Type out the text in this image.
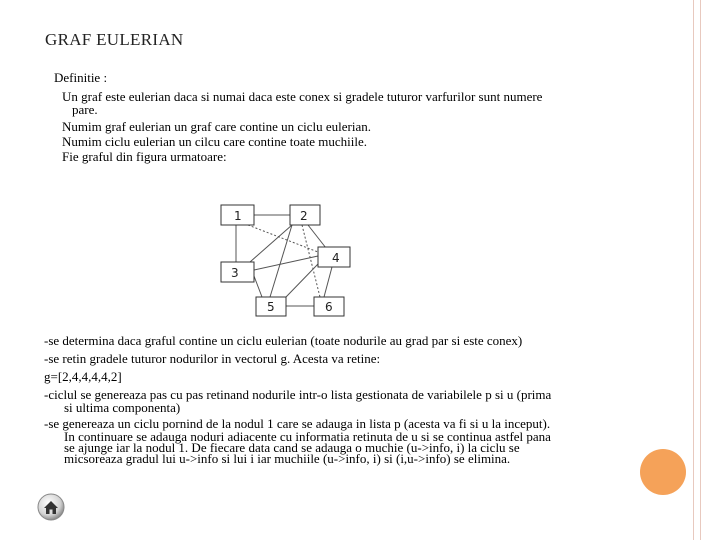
GRAF EULERIAN
Definitie :
Un graf este eulerian daca si numai daca este conex si gradele tuturor varfurilor sunt numere
pare.
Numim graf eulerian un graf care contine un ciclu eulerian.
Numim ciclu eulerian un cilcu care contine toate muchiile.
Fie graful din figura urmatoare:
1	2
3
4
5	6
-se determina daca graful contine un ciclu eulerian (toate nodurile au grad par si este conex)
-se retin gradele tuturor nodurilor in vectorul g. Acesta va retine:
g=[2,4,4,4,4,2]
-ciclul se genereaza pas cu pas retinand nodurile intr-o lista gestionata de variabilele p si u (prima
si ultima componenta)
-se genereaza un ciclu pornind de la nodul 1 care se adauga in lista p (acesta va fi si u la inceput).
In continuare se adauga noduri adiacente cu informatia retinuta de u si se continua astfel pana
se ajunge iar la nodul 1. De fiecare data cand se adauga o muchie (u->info, i) la ciclu se
micsoreaza gradul lui u->info si lui i iar muchiile (u->info, i) si (i,u->info) se elimina.
